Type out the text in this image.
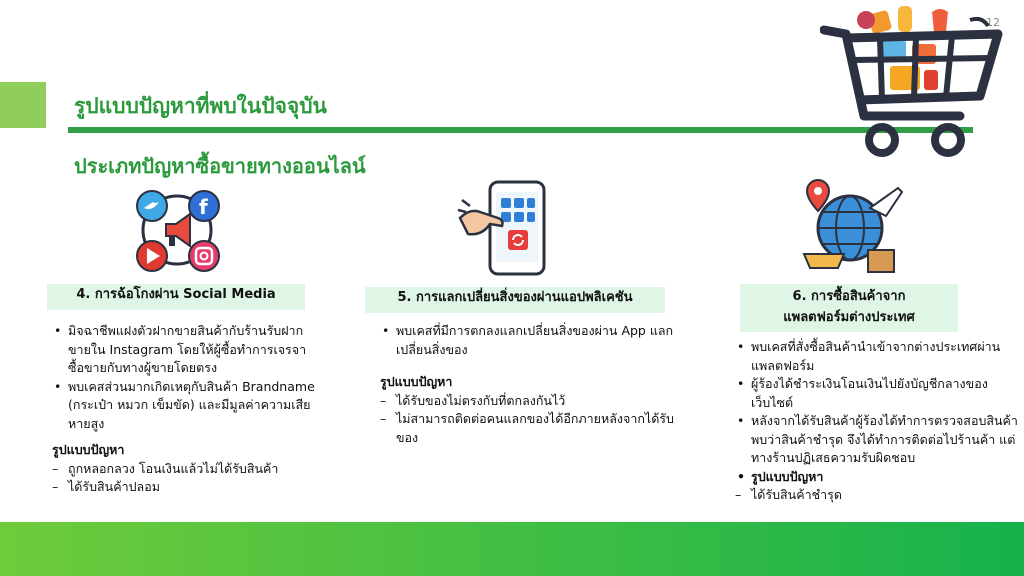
12
รูปแบบปัญหาที่พบในปัจจุบัน
ประเภทปัญหาซื้อขายทางออนไลน์
f
4. การฉ้อโกงผ่าน Social Media
• มิจฉาชีพแฝงตัวฝากขายสินค้ากับร้านรับฝากขายใน Instagram โดยให้ผู้ซื้อทำการเจรจาซื้อขายกับทางผู้ขายโดยตรง
• พบเคสส่วนมากเกิดเหตุกับสินค้า Brandname (กระเป๋า หมวก เข็มขัด) และมีมูลค่าความเสียหายสูง
รูปแบบปัญหา
– ถูกหลอกลวง โอนเงินแล้วไม่ได้รับสินค้า
– ได้รับสินค้าปลอม
5. การแลกเปลี่ยนสิ่งของผ่านแอปพลิเคชัน
• พบเคสที่มีการตกลงแลกเปลี่ยนสิ่งของผ่าน App แลกเปลี่ยนสิ่งของ
รูปแบบปัญหา
– ได้รับของไม่ตรงกับที่ตกลงกันไว้
– ไม่สามารถติดต่อคนแลกของได้อีกภายหลังจากได้รับของ
6. การซื้อสินค้าจาก
แพลตฟอร์มต่างประเทศ
• พบเคสที่สั่งซื้อสินค้านำเข้าจากต่างประเทศผ่านแพลตฟอร์ม
• ผู้ร้องได้ชำระเงินโอนเงินไปยังบัญชีกลางของเว็บไซต์
• หลังจากได้รับสินค้าผู้ร้องได้ทำการตรวจสอบสินค้าพบว่าสินค้าชำรุด จึงได้ทำการติดต่อไปร้านค้า แต่ทางร้านปฏิเสธความรับผิดชอบ
• รูปแบบปัญหา
– ได้รับสินค้าชำรุด
